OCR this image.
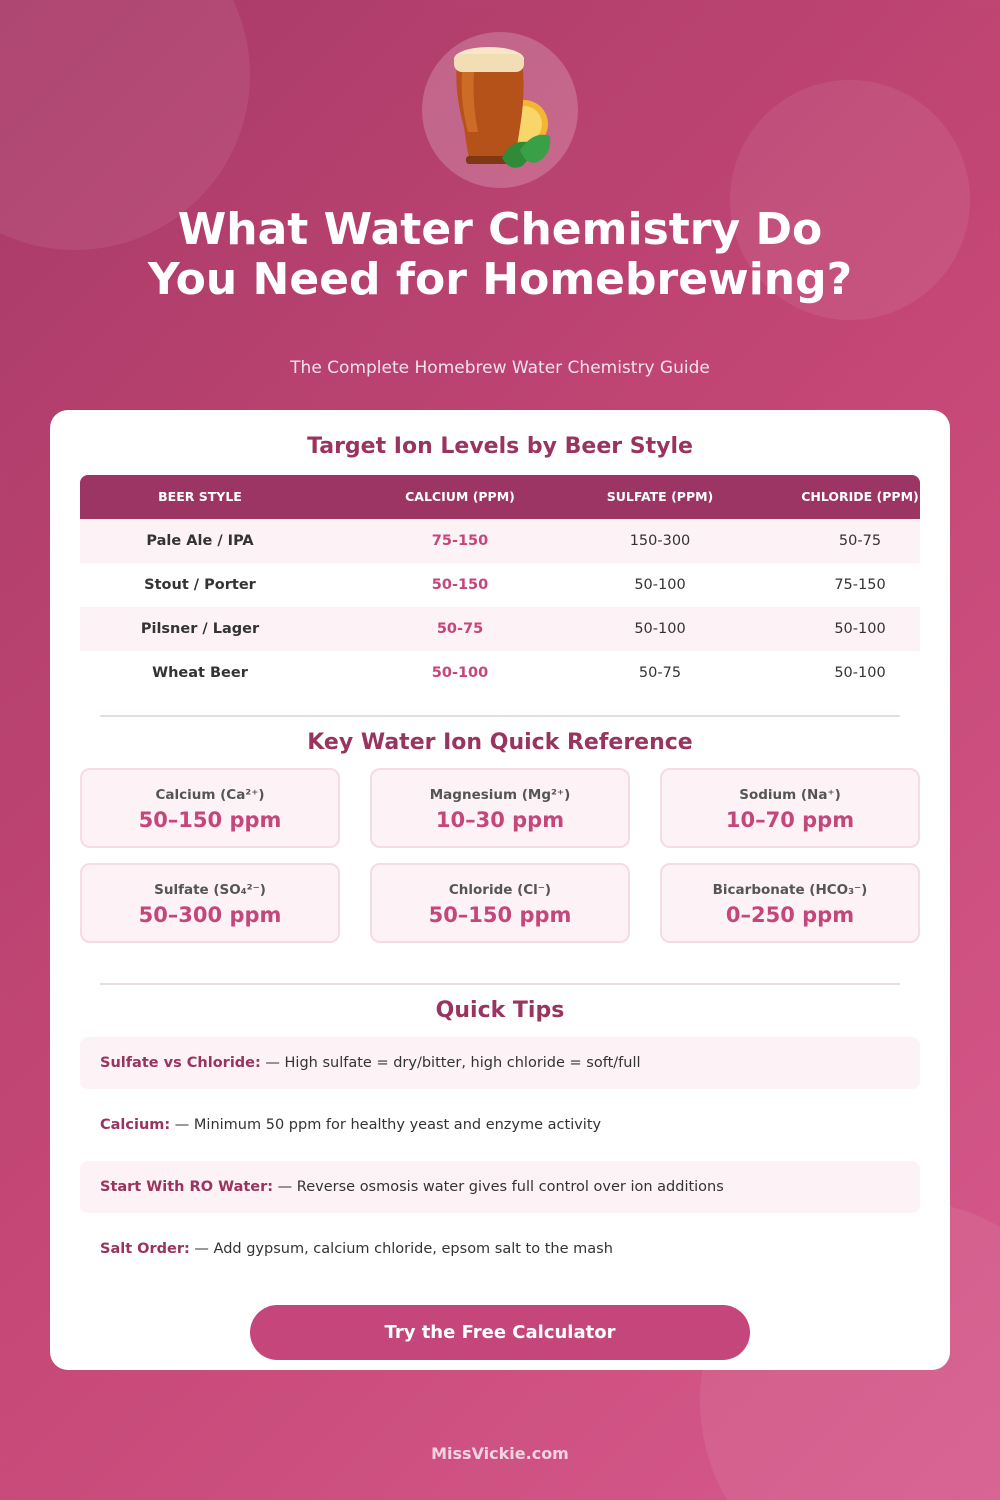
What Water Chemistry Do
You Need for Homebrewing?
The Complete Homebrew Water Chemistry Guide
Target Ion Levels by Beer Style
BEER STYLE	CALCIUM (PPM)	SULFATE (PPM)	CHLORIDE (PPM)
Pale Ale / IPA	75-150	150-300	50-75
Stout / Porter	50-150	50-100	75-150
Pilsner / Lager	50-75	50-100	50-100
Wheat Beer	50-100	50-75	50-100
Key Water Ion Quick Reference
Calcium (Ca²⁺)
50–150 ppm
Magnesium (Mg²⁺)
10–30 ppm
Sodium (Na⁺)
10–70 ppm
Sulfate (SO₄²⁻)
50–300 ppm
Chloride (Cl⁻)
50–150 ppm
Bicarbonate (HCO₃⁻)
0–250 ppm
Quick Tips
Sulfate vs Chloride: — High sulfate = dry/bitter, high chloride = soft/full
Calcium: — Minimum 50 ppm for healthy yeast and enzyme activity
Start With RO Water: — Reverse osmosis water gives full control over ion additions
Salt Order: — Add gypsum, calcium chloride, epsom salt to the mash
Try the Free Calculator
MissVickie.com
